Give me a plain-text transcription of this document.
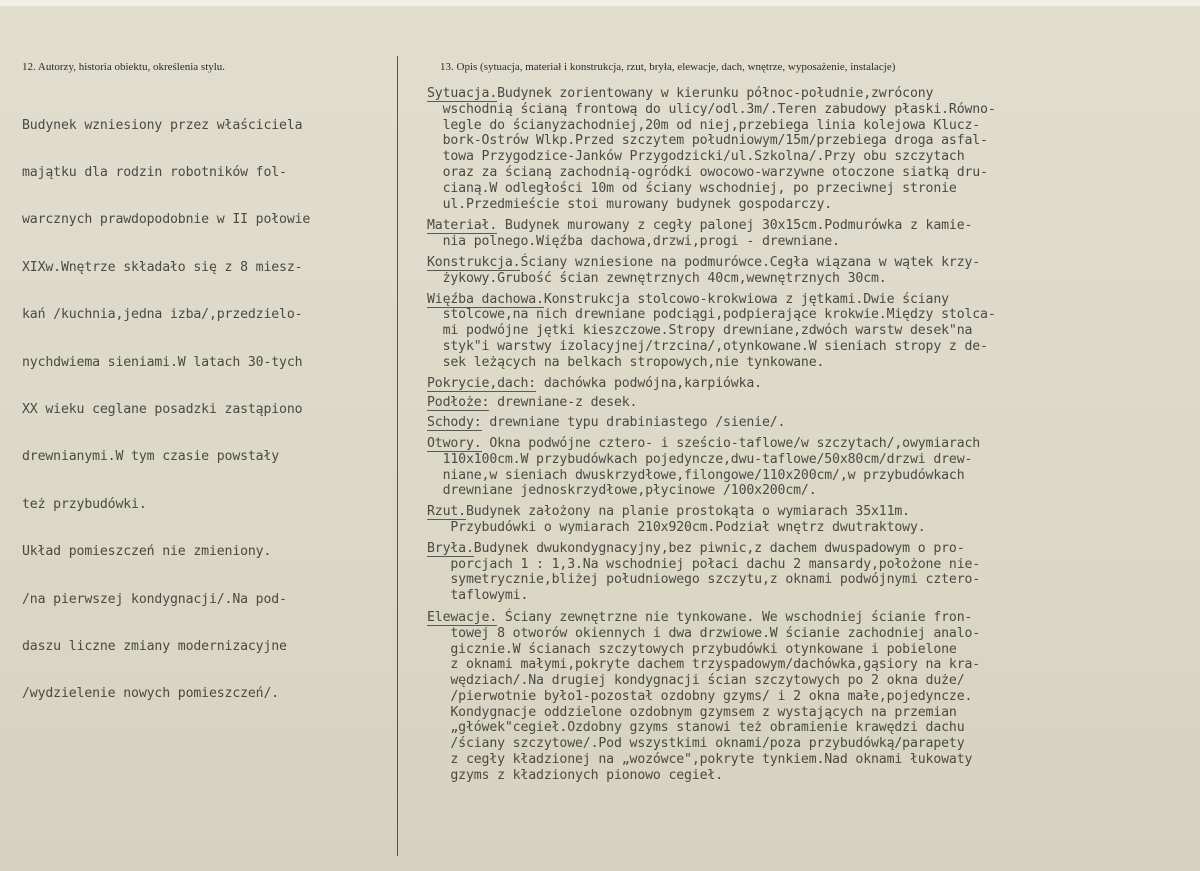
12. Autorzy, historia obiektu, określenia stylu.	13. Opis (sytuacja, materiał i konstrukcja, rzut, bryła, elewacje, dach, wnętrze, wyposażenie, instalacje)

Budynek wzniesiony przez właściciela

majątku dla rodzin robotników fol-

warcznych prawdopodobnie w II połowie

XIXw.Wnętrze składało się z 8 miesz-

kań /kuchnia,jedna izba/,przedzielo-

nychdwiema sieniami.W latach 30-tych

XX wieku ceglane posadzki zastąpiono

drewnianymi.W tym czasie powstały

też przybudówki.

Układ pomieszczeń nie zmieniony.

/na pierwszej kondygnacji/.Na pod-

daszu liczne zmiany modernizacyjne

/wydzielenie nowych pomieszczeń/.

Sytuacja.Budynek zorientowany w kierunku północ-południe,zwrócony
wschodnią ścianą frontową do ulicy/odl.3m/.Teren zabudowy płaski.Równo-
legle do ścianyzachodniej,20m od niej,przebiega linia kolejowa Klucz-
bork-Ostrów Wlkp.Przed szczytem południowym/15m/przebiega droga asfal-
towa Przygodzice-Janków Przygodzicki/ul.Szkolna/.Przy obu szczytach
oraz za ścianą zachodnią-ogródki owocowo-warzywne otoczone siatką dru-
cianą.W odległości 10m od ściany wschodniej, po przeciwnej stronie
ul.Przedmieście stoi murowany budynek gospodarczy.
Materiał. Budynek murowany z cegły palonej 30x15cm.Podmurówka z kamie-
nia polnego.Więźba dachowa,drzwi,progi - drewniane.
Konstrukcja.Ściany wzniesione na podmurówce.Cegła wiązana w wątek krzy-
żykowy.Grubość ścian zewnętrznych 40cm,wewnętrznych 30cm.
Więźba dachowa.Konstrukcja stolcowo-krokwiowa z jętkami.Dwie ściany
stolcowe,na nich drewniane podciągi,podpierające krokwie.Między stolca-
mi podwójne jętki kieszczowe.Stropy drewniane,zdwóch warstw desek"na
styk"i warstwy izolacyjnej/trzcina/,otynkowane.W sieniach stropy z de-
sek leżących na belkach stropowych,nie tynkowane.
Pokrycie,dach: dachówka podwójna,karpiówka.
Podłoże: drewniane-z desek.
Schody: drewniane typu drabiniastego /sienie/.
Otwory. Okna podwójne cztero- i sześcio-taflowe/w szczytach/,owymiarach
110x100cm.W przybudówkach pojedyncze,dwu-taflowe/50x80cm/drzwi drew-
niane,w sieniach dwuskrzydłowe,filongowe/110x200cm/,w przybudówkach
drewniane jednoskrzydłowe,płycinowe /100x200cm/.
Rzut.Budynek założony na planie prostokąta o wymiarach 35x11m.
Przybudówki o wymiarach 210x920cm.Podział wnętrz dwutraktowy.
Bryła.Budynek dwukondygnacyjny,bez piwnic,z dachem dwuspadowym o pro-
porcjach 1 : 1,3.Na wschodniej połaci dachu 2 mansardy,położone nie-
symetrycznie,bliżej południowego szczytu,z oknami podwójnymi cztero-
taflowymi.
Elewacje. Ściany zewnętrzne nie tynkowane. We wschodniej ścianie fron-
towej 8 otworów okiennych i dwa drzwiowe.W ścianie zachodniej analo-
gicznie.W ścianach szczytowych przybudówki otynkowane i pobielone
z oknami małymi,pokryte dachem trzyspadowym/dachówka,gąsiory na kra-
wędziach/.Na drugiej kondygnacji ścian szczytowych po 2 okna duże/
/pierwotnie było1-pozostał ozdobny gzyms/ i 2 okna małe,pojedyncze.
Kondygnacje oddzielone ozdobnym gzymsem z wystających na przemian
„główek"cegieł.Ozdobny gzyms stanowi też obramienie krawędzi dachu
/ściany szczytowe/.Pod wszystkimi oknami/poza przybudówką/parapety
z cegły kładzionej na „wozówce",pokryte tynkiem.Nad oknami łukowaty
gzyms z kładzionych pionowo cegieł.
